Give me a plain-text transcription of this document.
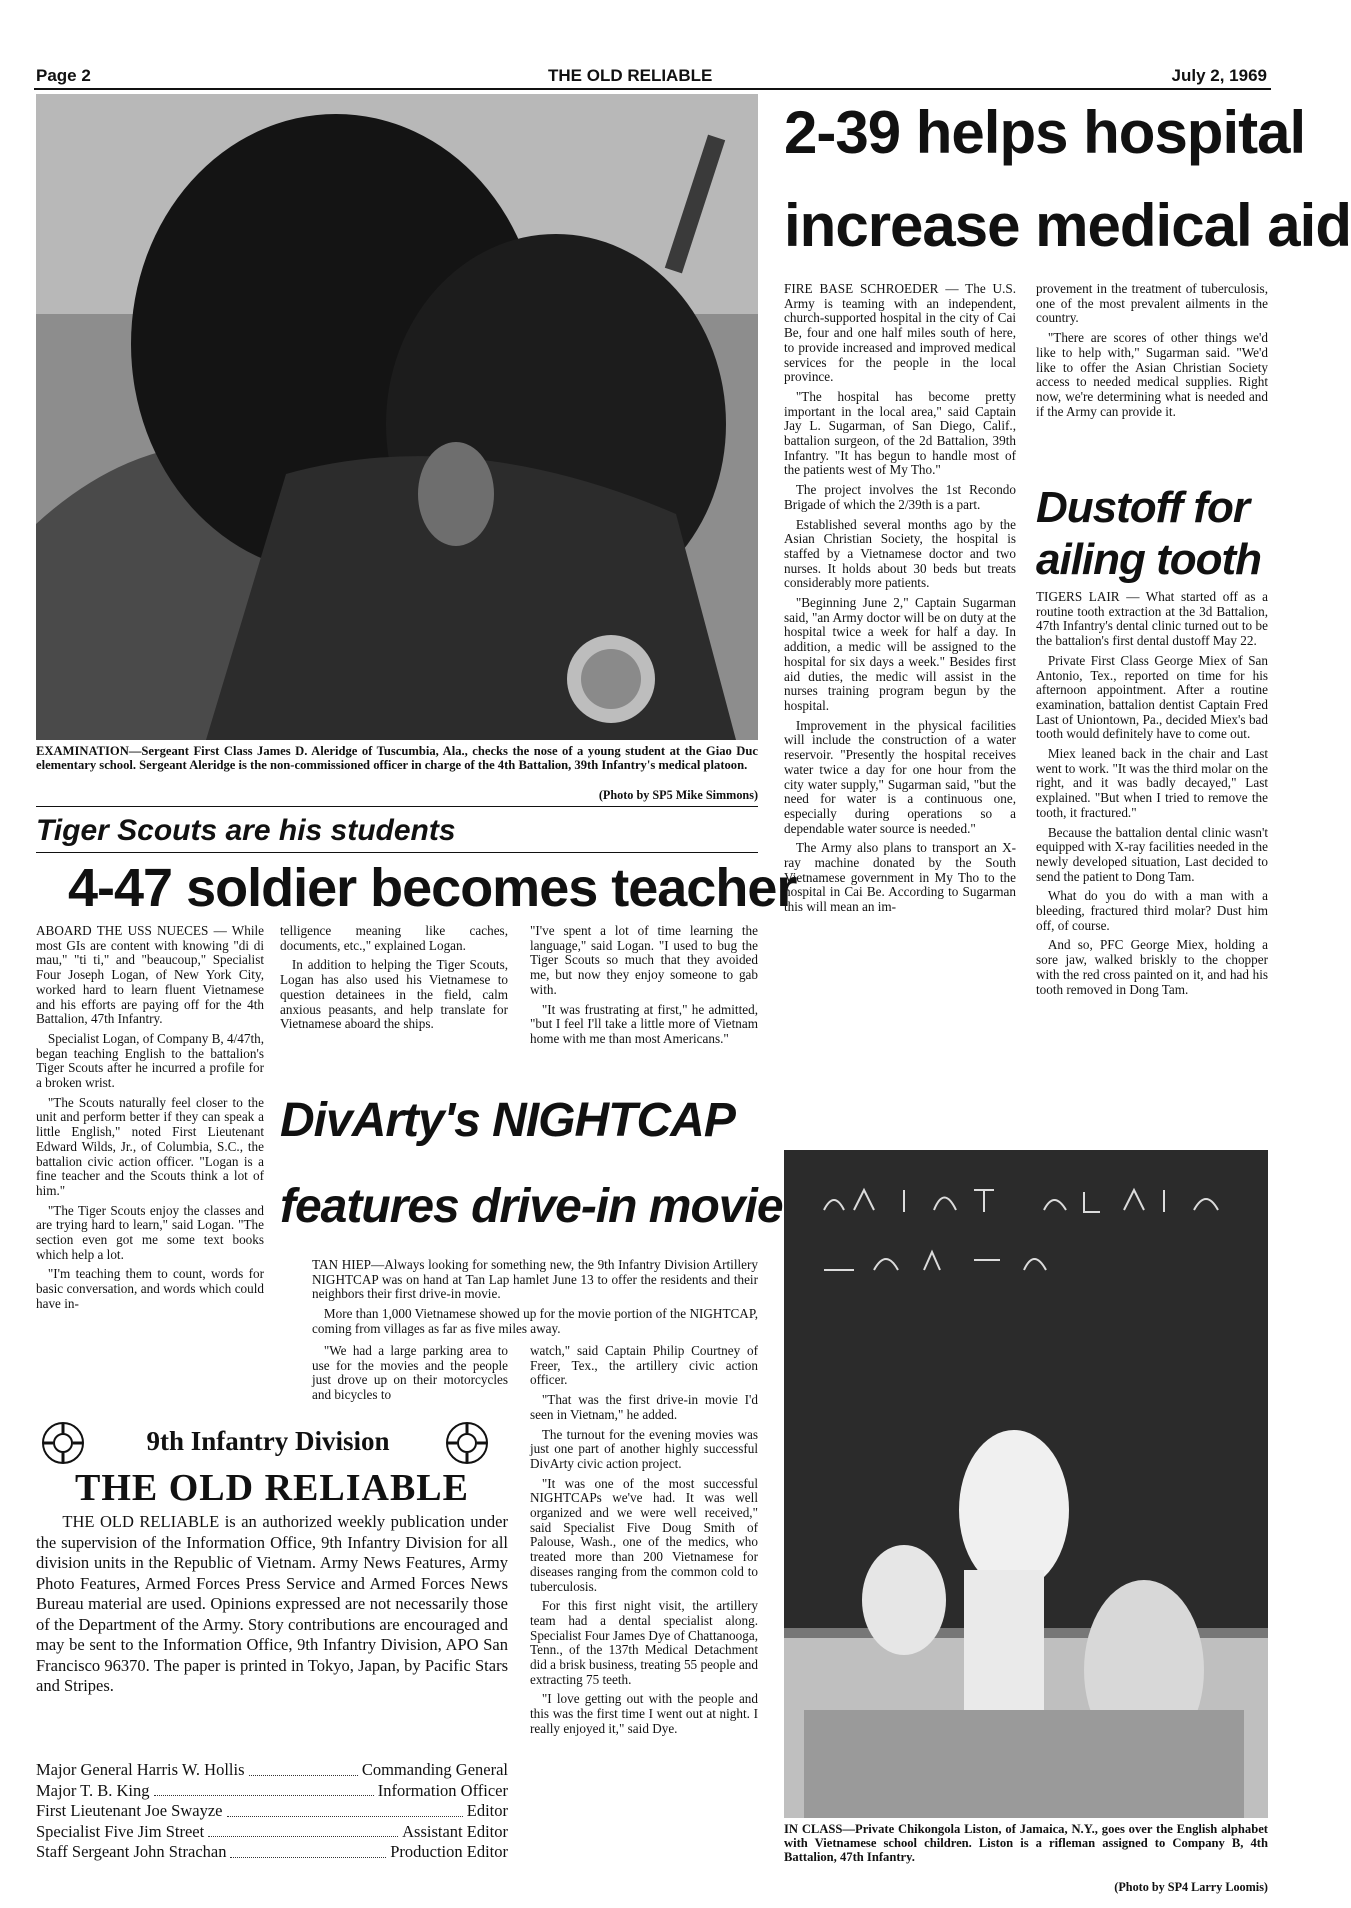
Page 2	THE OLD RELIABLE	July 2, 1969
EXAMINATION—Sergeant First Class James D. Aleridge of Tuscumbia, Ala., checks the nose of a young student at the Giao Duc elementary school. Sergeant Aleridge is the non-commissioned officer in charge of the 4th Battalion, 39th Infantry's medical platoon.
(Photo by SP5 Mike Simmons)
2-39 helps hospital
increase medical aid

FIRE BASE SCHROEDER — The U.S. Army is teaming with an independent, church-supported hospital in the city of Cai Be, four and one half miles south of here, to provide increased and improved medical services for the people in the local province.

"The hospital has become pretty important in the local area," said Captain Jay L. Sugarman, of San Diego, Calif., battalion surgeon, of the 2d Battalion, 39th Infantry. "It has begun to handle most of the patients west of My Tho."

The project involves the 1st Recondo Brigade of which the 2/39th is a part.

Established several months ago by the Asian Christian Society, the hospital is staffed by a Vietnamese doctor and two nurses. It holds about 30 beds but treats considerably more patients.

"Beginning June 2," Captain Sugarman said, "an Army doctor will be on duty at the hospital twice a week for half a day. In addition, a medic will be assigned to the hospital for six days a week." Besides first aid duties, the medic will assist in the nurses training program begun by the hospital.

Improvement in the physical facilities will include the construction of a water reservoir. "Presently the hospital receives water twice a day for one hour from the city water supply," Sugarman said, "but the need for water is a continuous one, especially during operations so a dependable water source is needed."

The Army also plans to transport an X-ray machine donated by the South Vietnamese government in My Tho to the hospital in Cai Be. According to Sugarman this will mean an im-

provement in the treatment of tuberculosis, one of the most prevalent ailments in the country.

"There are scores of other things we'd like to help with," Sugarman said. "We'd like to offer the Asian Christian Society access to needed medical supplies. Right now, we're determining what is needed and if the Army can provide it.

Dustoff for
ailing tooth

TIGERS LAIR — What started off as a routine tooth extraction at the 3d Battalion, 47th Infantry's dental clinic turned out to be the battalion's first dental dustoff May 22.

Private First Class George Miex of San Antonio, Tex., reported on time for his afternoon appointment. After a routine examination, battalion dentist Captain Fred Last of Uniontown, Pa., decided Miex's bad tooth would definitely have to come out.

Miex leaned back in the chair and Last went to work. "It was the third molar on the right, and it was badly decayed," Last explained. "But when I tried to remove the tooth, it fractured."

Because the battalion dental clinic wasn't equipped with X-ray facilities needed in the newly developed situation, Last decided to send the patient to Dong Tam.

What do you do with a man with a bleeding, fractured third molar? Dust him off, of course.

And so, PFC George Miex, holding a sore jaw, walked briskly to the chopper with the red cross painted on it, and had his tooth removed in Dong Tam.

Tiger Scouts are his students
4-47 soldier becomes teacher

ABOARD THE USS NUECES — While most GIs are content with knowing "di di mau," "ti ti," and "beaucoup," Specialist Four Joseph Logan, of New York City, worked hard to learn fluent Vietnamese and his efforts are paying off for the 4th Battalion, 47th Infantry.

Specialist Logan, of Company B, 4/47th, began teaching English to the battalion's Tiger Scouts after he incurred a profile for a broken wrist.

"The Scouts naturally feel closer to the unit and perform better if they can speak a little English," noted First Lieutenant Edward Wilds, Jr., of Columbia, S.C., the battalion civic action officer. "Logan is a fine teacher and the Scouts think a lot of him."

"The Tiger Scouts enjoy the classes and are trying hard to learn," said Logan. "The section even got me some text books which help a lot.

"I'm teaching them to count, words for basic conversation, and words which could have in-

telligence meaning like caches, documents, etc.," explained Logan.

In addition to helping the Tiger Scouts, Logan has also used his Vietnamese to question detainees in the field, calm anxious peasants, and help translate for Vietnamese aboard the ships.

"I've spent a lot of time learning the language," said Logan. "I used to bug the Tiger Scouts so much that they avoided me, but now they enjoy someone to gab with.

"It was frustrating at first," he admitted, "but I feel I'll take a little more of Vietnam home with me than most Americans."

DivArty's NIGHTCAP
features drive-in movie

TAN HIEP—Always looking for something new, the 9th Infantry Division Artillery NIGHTCAP was on hand at Tan Lap hamlet June 13 to offer the residents and their neighbors their first drive-in movie.

More than 1,000 Vietnamese showed up for the movie portion of the NIGHTCAP, coming from villages as far as five miles away.

"We had a large parking area to use for the movies and the people just drove up on their motorcycles and bicycles to

watch," said Captain Philip Courtney of Freer, Tex., the artillery civic action officer.

"That was the first drive-in movie I'd seen in Vietnam," he added.

The turnout for the evening movies was just one part of another highly successful DivArty civic action project.

"It was one of the most successful NIGHTCAPs we've had. It was well organized and we were well received," said Specialist Five Doug Smith of Palouse, Wash., one of the medics, who treated more than 200 Vietnamese for diseases ranging from the common cold to tuberculosis.

For this first night visit, the artillery team had a dental specialist along. Specialist Four James Dye of Chattanooga, Tenn., of the 137th Medical Detachment did a brisk business, treating 55 people and extracting 75 teeth.

"I love getting out with the people and this was the first time I went out at night. I really enjoyed it," said Dye.

9th Infantry Division
THE OLD RELIABLE
THE OLD RELIABLE is an authorized weekly publication under the supervision of the Information Office, 9th Infantry Division for all division units in the Republic of Vietnam. Army News Features, Army Photo Features, Armed Forces Press Service and Armed Forces News Bureau material are used. Opinions expressed are not necessarily those of the Department of the Army. Story contributions are encouraged and may be sent to the Information Office, 9th Infantry Division, APO San Francisco 96370. The paper is printed in Tokyo, Japan, by Pacific Stars and Stripes.
Major General Harris W. Hollis	Commanding General
Major T. B. King	Information Officer
First Lieutenant Joe Swayze	Editor
Specialist Five Jim Street	Assistant Editor
Staff Sergeant John Strachan	Production Editor
IN CLASS—Private Chikongola Liston, of Jamaica, N.Y., goes over the English alphabet with Vietnamese school children. Liston is a rifleman assigned to Company B, 4th Battalion, 47th Infantry.
(Photo by SP4 Larry Loomis)
